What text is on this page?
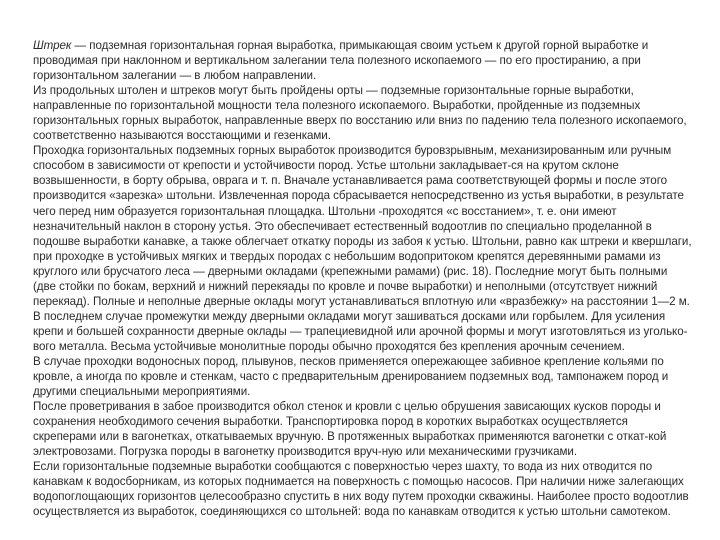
Штрек — подземная горизонтальная горная выработка, примыкающая своим устьем к другой горной выработке и проводимая при наклонном и вертикальном залегании тела полезного ископаемого — по его простиранию, а при горизонтальном залегании — в любом направлении.

Из продольных штолен и штреков могут быть пройдены орты — подземные горизонтальные горные выработки, направленные по горизонтальной мощности тела полезного ископаемого. Выработки, пройденные из подземных горизонтальных горных выработок, направленные вверх по восстанию или вниз по падению тела полезного ископаемого, соответственно называются восстающими и гезенками.

Проходка горизонтальных подземных горных выработок производится буровзрывным, механизированным или ручным способом в зависимости от крепости и устойчивости пород. Устье штольни закладывает-ся на крутом склоне возвышенности, в борту обрыва, оврага и т. п. Вначале устанавливается рама соответствующей формы и после этого производится «зарезка» штольни. Извлеченная порода сбрасывается непосредственно из устья выработки, в результате чего перед ним образуется горизонтальная площадка. Штольни -проходятся «с восстанием», т. е. они имеют незначительный наклон в сторону устья. Это обеспечивает естественный водоотлив по специально проделанной в подошве выработки канавке, а также облегчает откатку породы из забоя к устью. Штольни, равно как штреки и квершлаги, при проходке в устойчивых мягких и твердых породах с небольшим водопритоком крепятся деревянными рамами из круглого или брусчатого леса — дверными окладами (крепежными рамами) (рис. 18). Последние могут быть полными (две стойки по бокам, верхний и нижний перекяады по кровле и почве выработки) и неполными (отсутствует нижний перекяад). Полные и неполные дверные оклады могут устанавливаться вплотную или «вразбежку» на расстоянии 1—2 м. В последнем случае промежутки между дверными окладами могут зашиваться досками или горбылем. Для усиления крепи и большей сохранности дверные оклады — трапециевидной или арочной формы и могут изготовляться из уголько-вого металла. Весьма устойчивые монолитные породы обычно проходятся без крепления арочным сечением.

В случае проходки водоносных пород, плывунов, песков применяется опережающее забивное крепление кольями по кровле, а иногда по кровле и стенкам, часто с предварительным дренированием подземных вод, тампонажем пород и другими специальными мероприятиями.

После проветривания в забое производится обкол стенок и кровли с целью обрушения зависающих кусков породы и сохранения необходимого сечения выработки. Транспортировка пород в коротких выработках осуществляется скреперами или в вагонетках, откатываемых вручную. В протяженных выработках применяются вагонетки с откат-кой электровозами. Погрузка породы в вагонетку производится вруч-ную или механическими грузчиками.

Если горизонтальные подземные выработки сообщаются с поверхностью через шахту, то вода из них отводится по канавкам к водосборникам, из которых поднимается на поверхность с помощью насосов. При наличии ниже залегающих водопоглощающих горизонтов целесообразно спустить в них воду путем проходки скважины. Наиболее просто водоотлив осуществляется из выработок, соединяющихся со штольней: вода по канавкам отводится к устью штольни самотеком.
